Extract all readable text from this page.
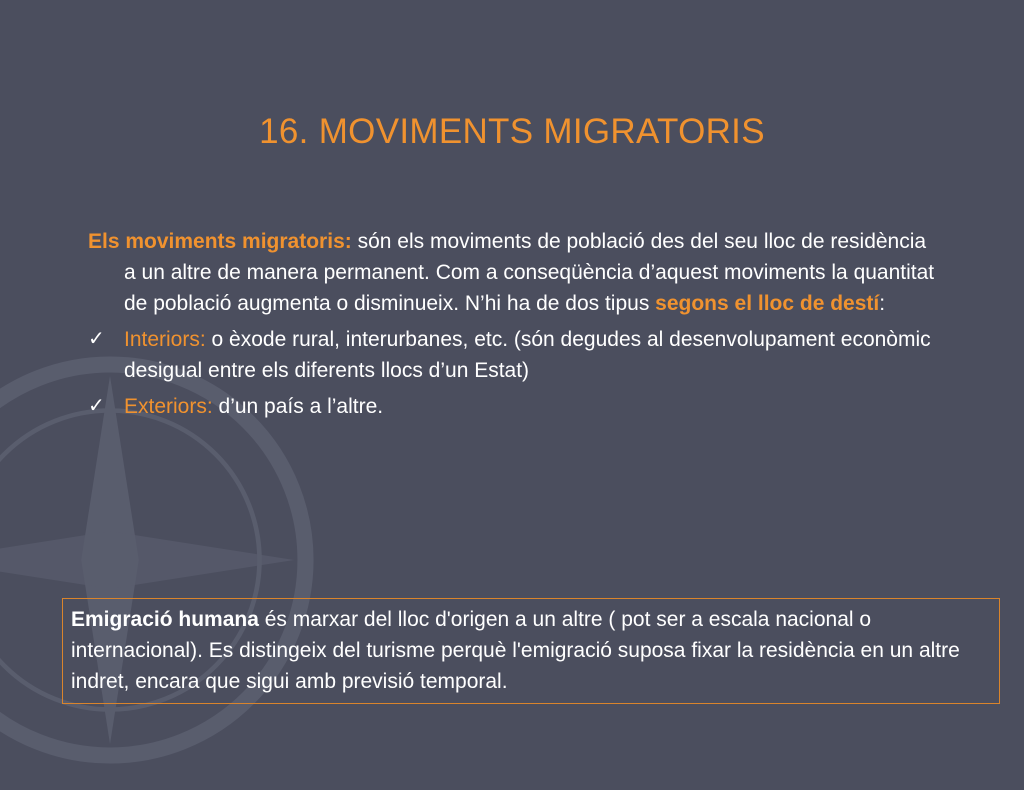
16. MOVIMENTS MIGRATORIS
Els moviments migratoris: són els moviments de població des del seu lloc de residència a un altre de manera permanent. Com a conseqüència d’aquest moviments la quantitat de població augmenta o disminueix. N’hi ha de dos tipus segons el lloc de destí:
✓ Interiors: o èxode rural, interurbanes, etc. (són degudes al desenvolupament econòmic desigual entre els diferents llocs d’un Estat)
✓ Exteriors: d’un país a l’altre.
Emigració humana és marxar del lloc d'origen a un altre ( pot ser a escala nacional o internacional). Es distingeix del turisme perquè l'emigració suposa fixar la residència en un altre indret, encara que sigui amb previsió temporal.
